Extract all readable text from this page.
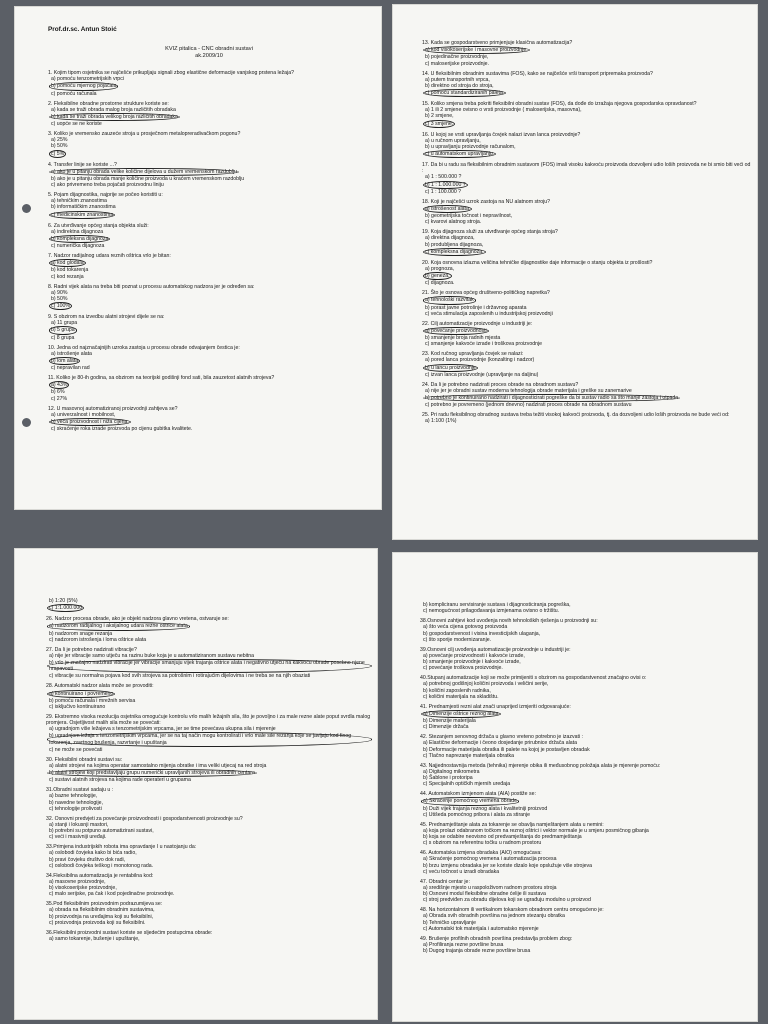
Prof.dr.sc. Antun Stoić
KVIZ pitalica - CNC obradni sustavi
ak.2009/10
1. Kojim tipom osjetnika se najčešće prikupljaju signali zbog elastične deformacije vanjskog prstena ležaja?
a) pomoću tenzometrijskih vrpci
b) pomoću mjernog pojačala
c) pomoću računala
2. Fleksibilne obradne prostorne strukture koriste se:
a) kada se traži obrada malog broja različitih obradaka
b) kada se traži obrada velikog broja različitih obradaka
c) uopće se ne koriste
3. Koliko je vremensko zauzeće stroja u prosječnom metalopreradivačkom pogonu?
a) 25%
b) 50%
c) 5%
4. Transfer linije se koriste ...?
a) ako je u pitanju obrada velike količine dijelova u dužem vremenskom razdoblju
b) ako je u pitanju obrada manje količine proizvoda u kraćem vremenskom razdoblju
c) ako privremeno treba pojačati proizvodnu liniju
5. Pojam dijagnostika, najprije se počeo koristiti u:
a) tehničkim znanostima
b) informatičkim znanostima
c) medicinskim znanostima
6. Za utvrđivanje općeg stanja objekta služi:
a) indirektna dijagnoza
b) kompleksna dijagnoza
c) numerička dijagnoza
7. Nadzor radijalnog udara reznih oštrica vrlo je bitan:
a) kod glodala
b) kod tokarenja
c) kod rezanja
8. Radni vijek alata na treba biti poznat u procesu automatskog nadzora jer je određen sa:
a) 90%
b) 50%
c) 100%
9. S obzirom na izvedbu alatni strojevi dijele se na:
a) 11 grupa
b) 5 grupa
c) 8 grupa
10. Jedna od najznačajnijih uzroka zastoja u procesu obrade odvajanjem čestica je:
a) istrošenje alata
b) lom alata
c) nepravilan rad
11. Koliko je 80-ih godina, sa obzirom na teorijski godišnji fond sati, bila zauzetost alatnih strojeva?
a) 43%
b) 6%
c) 27%
12. U masovnoj automatiziranoj proizvodnji zahtjeva se?
a) univerzalnost i mobilnost,
b) veća proizvodnost i niža cijena,
c) skraćenje roka izrade proizvoda po cijenu gubitka kvalitete.
13. Kada se gospodarstveno primjenjuje klasična automatizacija?
a) kod visokoserijske i masovne proizvodnje,
b) pojedinačne proizvodnje,
c) maloserijske proizvodnje.
14. U fleksibilnim obradnim sustavima (FOS), kako se najčešće vrši transport pripremaka proizvoda?
a) putem transportnih vrpca,
b) direktno od stroja do stroja,
c) pomoću standardiziranih paleta.
15. Koliko smjena treba pokriti fleksibilni obradni sustav (FOS), da dođe do izražaja njegova gospodarska opravdanost?
a) 1 ili 2 smjene ovisno o vrsti proizvodnje ( maloserijska, masovna),
b) 2 smjene,
c) 3 smjene.
16. U kojoj se vrsti upravljanja čovjek nalazi izvan lanca proizvodnje?
a) u ručnom upravljanju,
b) u upravljanju proizvodnje računalom,
c) u automatskom upravljanju.
17. Da bi u radu sa fleksibilnim obradnim sustavom (FOS) imali visoku kakvoću proizvoda dozvoljeni udio loših proizvoda ne bi smio biti veći od :
a) 1 : 500.000 ?
b) 1 : 1.000.000 ?
c) 1 : 100.000 ?
18. Koji je najčešći uzrok zastoja na NU alatnom stroju?
a) istrošenost alata,
b) geometrijska točnost i nepravilnost,
c) kvarovi alatnog stroja.
19. Koja dijagnoza služi za utvrđivanje općeg stanja stroja?
a) direktna dijagnoza,
b) produbljena dijagnoza,
c) kompleksna dijagnoza.
20. Koja osnovna izlazna veličina tehničke dijagnostike daje informacije o stanju objekta iz prošlosti?
a) prognoza,
b) geneza,
c) dijagnoza.
21. Što je osnova općeg društveno-političkog napretka?
a) tehnološki razvitak
b) porast javne potrošnje i državnog aparata
c) veća stimulacija zaposlenih u industrijskoj proizvodnji
22. Cilj automatizacije proizvodnje u industriji je:
a) povećanje proizvodnosti
b) smanjenje broja radnih mjesta
c) smanjenje kakvoće izrade i troškova proizvodnje
23. Kod ručnog upravljanja čovjek se nalazi:
a) pored lanca proizvodnje (konzalting i nadzor)
b) u lancu proizvodnje
c) izvan lanca proizvodnje (upravljanje na daljinu)
24. Da li je potrebno nadzirati proces obrade na obradnom sustavu?
a) nije jer je obradni sustav moderna tehnologija obrade materijala i greške su zanemarive
b) potrebno je kontinuirano nadzirati i dijagnosticirati pogreške da bi sustav radio sa što manje zastoja i otpada
c) potrebno je povremeno (jednom dnevno) nadzirati proces obrade na obradnom sustavu
25. Pri radu fleksibilnog obradnog sustava treba težiti visokoj kakvoći proizvoda, tj. da dozvoljeni udio loših proizvoda ne bude veći od:
a) 1:100 (1%)
b) 1:20 (5%)
c) 1:1.000.000
26. Nadzor procesa obrade, ako je objekt nadzora glavno vretena, ostvaruje se:
a) nadzorom radijalnog i aksijalnog udara rezne oštrice alata
b) nadzorom snage rezanja
c) nadzorom istrošenja i loma oštrice alata
27. Da li je potrebno nadzirati vibracije?
a) nije jer vibracije samo utječu na razinu buke koja je u automatiziranom sustavu nebitna
b) vrlo je značajno nadzirati vibracije jer vibracije smanjuju vijek trajanja oštrice alata i negativno utječu na kakvoću obrade posebno njene hrapavosti
c) vibracije su normalna pojava kod svih strojeva sa potrošnim i rotirajućim dijelovima i ne treba se na njih obaziati
28. Automatski nadzor alata može se provoditi:
a) kontinuirano i povremeno
b) pomoću računala i mrežnih servisa
c) isključivo kontinuirano
29. Ekstremno visoka rezolucija osjetnika omogućuje kontrolu vrlo malih ležajnih sila, što je povoljno i za male rezne alate poput svrdla malog promjera. Osjetljivost malih sila može se povećati:
a) ugradnjom više ležajeva s tenzometrijskim vrpcama, jer se time povećava ukupna sila i mjerenje
b) ugradnjom ležaja s tenzometrijskim vrpcama, jer se na taj način mogu kontrolirati i vrlo male sile rezanja koje se javljaju kod finog tokarenja, zavrtnog brušenja, razvrtanje i upuštanja
c) ne može se povećati
30. Fleksibilni obradni sustavi su:
a) alatni strojevi na kojima operatar samostalno mijenja obratke i ima veliki utjecaj na red stroja
b) alatni strojevi koji predstavljaju grupu numerički upravljanih strojeva ili obradnih centara
c) sustavi alatnih strojeva na kojima rade operateri u grupama
31.Obradni sustavi sadaju u :
a) bazne tehnologije,
b) navedne tehnologije,
c) tehnologije prolivosti
32. Osnovni predvjeti za povećanje proizvodnosti i gospodarstvenosti proizvodnje su?
a) stanji i lokusnji mastori,
b) potrebni su potpuno automatizirani sustavi,
c) veći i masivniji uređaji.
33.Primjena industrijskih robota ima opravdanje I u nastojanju da:
a) oslobodi čovjeka kako bi bića radio,
b) pravi čovjeku društvo dok radi,
c) oslobodi čovjeka teškog i monotonog rada.
34.Fleksibilna automatizacija je rentabilna kod:
a) masovne proizvodnje,
b) visokoserijske proizvodnje,
c) malo serijske, pa čak i kod pojedinačne proizvodnje.
35.Pod fleksibilnim proizvodnim podrazumijeva se:
a) obrada na fleksibilnim obradnim sustavima,
b) proizvodnja na uređajima koji su fleksibilni,
c) proizvodnja proizvoda koji su fleksibilni.
36.Fleksibilni proizvodni sustavi koriste se sljedećim postupcima obrade:
a) samo tokarenje, bušenje i upuštanje,
b) kompliciranu servisiranje sustava i dijagnosticiranja pogreška,
c) nemogućnost prilagođavanja izmjenama ovisno o tržištu.
38.Osnovni zahtjevi kod uvođenja novih tehnoloških rješenja u proizvodnji su:
a) što veća cijena gotovog proizvoda
b) gospodarstvenost i visina investicijskih ulaganja,
c) što sporije modernizaranje.
39.Osnovni cilj uvođenja automatizacije proizvodnje u industriji je:
a) povećanje proizvodnosti i kakvoće izrade,
b) smanjenje proizvodnje i kakvoće izrade,
c) povećanje troškova proizvodnje.
40.Stupanj automatizacije koji se može primijeniti s obzirom na gospodarstvenost značajno ovisi o:
a) potrebnoj godišnjoj količini proizvoda i veličini serije,
b) količini zaposlenih radnika,
c) količini materijala na skladištu.
41. Prednamjesti rezni alat znači unaprijed izmjeriti odgovarajuće:
a) Dimenzije oštrice reznog alata
b) Dimenzije materijala
c) Dimenzije držača
42. Stezanjem senovnog držača u glavno vreteno potrebno je izazvati :
a) Elastične deformacije i čeono dosjedanje prirubnice držača alata
b) Deformacije materijala obratka ili palete na kojoj je postavljen obradak
c) Tlačno naprezanje materijala obratka
43. Najjednostavnija metoda (tehnika) mjerenje obika ili međusobnog položaja alata je mjerenje pomoću:
a) Digitalnog mikrometra
b) Šablone i protoripa
c) Specijalnih optičkih mjernih uređaja
44. Automatskom izmjenom alata (AIA) postiže se:
a) Skraćenje pomoćnog vremena obrade
b) Duži vijek trajanja reznog alata i kvalitetniji proizvod
c) Utišeda pomoćnog pribora i alata za stiranje
45. Prednamještanje alata za tokarenje se obavlja namještanjem alata u nemini:
a) koja prolazi odabranom točkom na reznoj oštrici i vektor normale je u smjeru posmičnog gibanja
b) koja se odabire neovisno od predvamještanja do predmamještanja
c) s obzirom na referentnu točku u radnom prostoru
46. Automatska izmjena obradaka (AIO) omogućava:
a) Skraćenje pomoćnog vremena i automatizacija procesa
b) brzu izmjenu obradaka jer se koriste dizalo koje opslužuje više strojeva
c) veću točnost u izradi obradaka
47. Obradni centar je:
a) središnje mjesto u raspoloživom radnom prostoru stroja
b) Osnovni modul fleksibilne obradne ćelije ili sustava
c) stroj predviđen za obradu dijelova koji se ugrađuju modulno u proizvod
48. Na horizontalnom ili vertikalnom tokarskom obradnom centru omogućeno je:
a) Obrada svih obradnih površina na jednom stezanju obratka
b) Tehničko upravljanje
c) Automatski tok materijala i automatsko mjerenje
49. Brušenje profilnih obradnih površina predstavlja problem zbog:
a) Profiliranja rezne površine brusa
b) Dugog trajanja obrade rezne površine brusa
